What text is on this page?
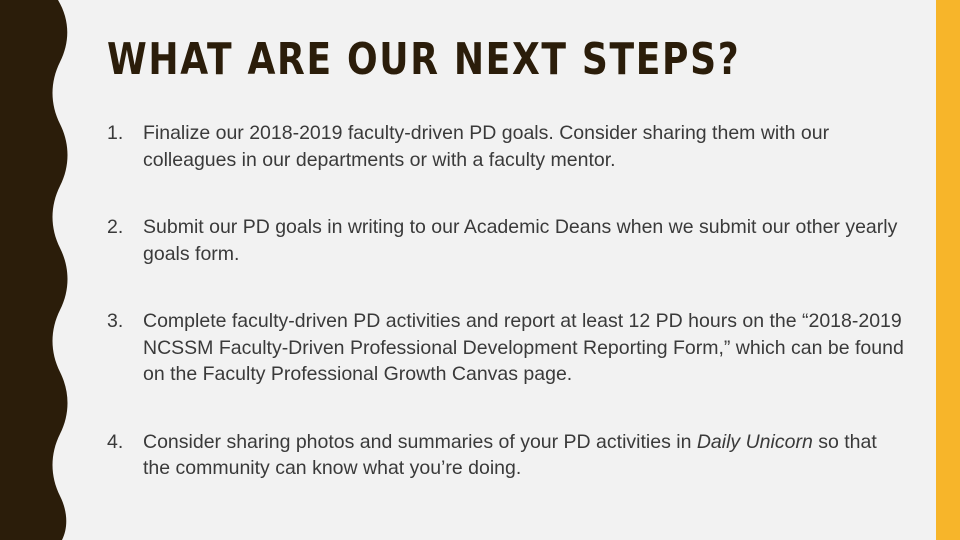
WHAT ARE OUR NEXT STEPS?
1. Finalize our 2018-2019 faculty-driven PD goals. Consider sharing them with our colleagues in our departments or with a faculty mentor.
2. Submit our PD goals in writing to our Academic Deans when we submit our other yearly goals form.
3. Complete faculty-driven PD activities and report at least 12 PD hours on the “2018-2019 NCSSM Faculty-Driven Professional Development Reporting Form,” which can be found on the Faculty Professional Growth Canvas page.
4. Consider sharing photos and summaries of your PD activities in Daily Unicorn so that the community can know what you’re doing.
